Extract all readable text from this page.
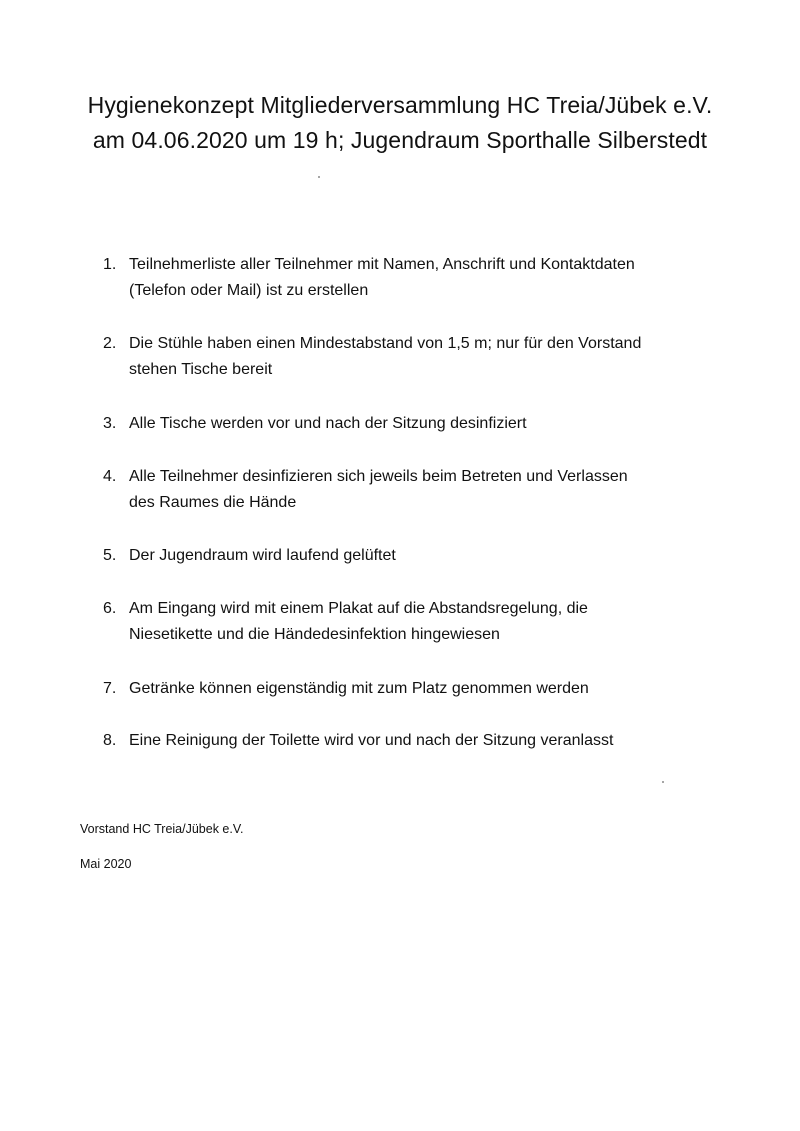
Hygienekonzept Mitgliederversammlung HC Treia/Jübek e.V.
am 04.06.2020 um 19 h; Jugendraum Sporthalle Silberstedt
1. Teilnehmerliste aller Teilnehmer mit Namen, Anschrift und Kontaktdaten
(Telefon oder Mail) ist zu erstellen
2. Die Stühle haben einen Mindestabstand von 1,5 m; nur für den Vorstand
stehen Tische bereit
3. Alle Tische werden vor und nach der Sitzung desinfiziert
4. Alle Teilnehmer desinfizieren sich jeweils beim Betreten und Verlassen
des Raumes die Hände
5. Der Jugendraum wird laufend gelüftet
6. Am Eingang wird mit einem Plakat auf die Abstandsregelung, die
Niesetikette und die Händedesinfektion hingewiesen
7. Getränke können eigenständig mit zum Platz genommen werden
8. Eine Reinigung der Toilette wird vor und nach der Sitzung veranlasst
Vorstand HC Treia/Jübek e.V.
Mai 2020
